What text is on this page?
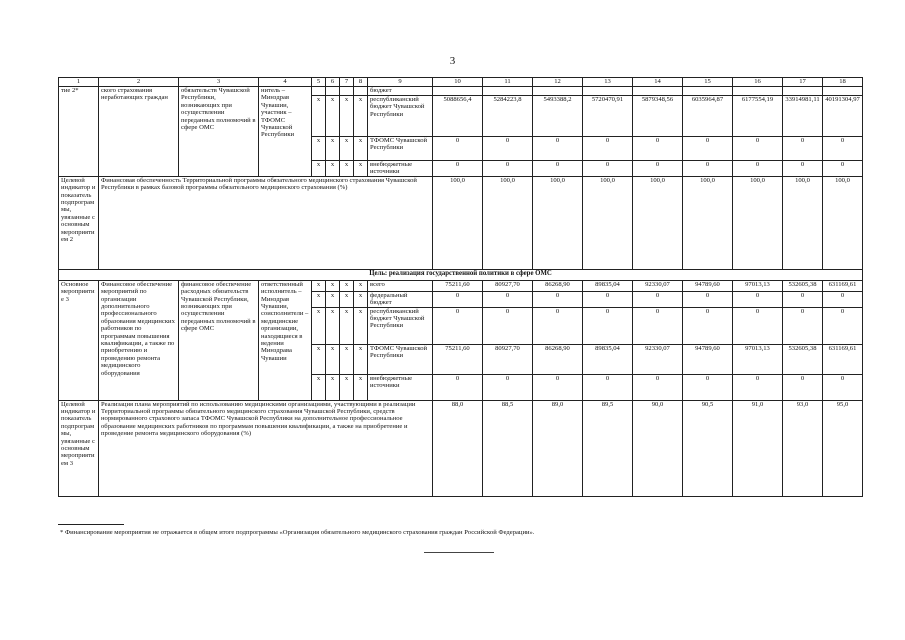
3
1	2	3	4	5	6	7	8	9	10	11	12	13	14	15	16	17	18
тие 2*	ского страхования неработающих граждан	обязательств Чувашской Республики, возникающих при осуществлении переданных полномочий в сфере ОМС	нитель – Минздрав Чувашии, участник – ТФОМС Чувашской Республики					бюджет									
				x	x	x	x	республиканский бюджет Чувашской Республики	5088656,4	5284223,8	5493388,2	5720470,91	5879348,56	6035964,87	6177554,19	33914981,11	40191304,97
				x	x	x	x	ТФОМС Чувашской Республики	0	0	0	0	0	0	0	0	0
				x	x	x	x	внебюджетные источники	0	0	0	0	0	0	0	0	0
Целевой индикатор и показатель подпрограммы, увязанные с основным мероприятием 2	Финансовая обеспеченность Территориальной программы обязательного медицинского страхования Чувашской Республики в рамках базовой программы обязательного медицинского страхования (%)								100,0	100,0	100,0	100,0	100,0	100,0	100,0	100,0	100,0
Цель: реализация государственной политики в сфере ОМС																	
Основное мероприятие 3	Финансовое обеспечение мероприятий по организации дополнительного профессионального образования медицинских работников по программам повышения квалификации, а также по приобретению и проведению ремонта медицинского оборудования	финансовое обеспечение расходных обязательств Чувашской Республики, возникающих при осуществлении переданных полномочий в сфере ОМС	ответственный исполнитель – Минздрав Чувашии, соисполнители – медицинские организации, находящиеся в ведении Минздрава Чувашии	x	x	x	x	всего	75211,60	80927,70	86268,90	89835,04	92330,07	94789,60	97013,13	532605,38	631169,61
				x	x	x	x	федеральный бюджет	0	0	0	0	0	0	0	0	0
				x	x	x	x	республиканский бюджет Чувашской Республики	0	0	0	0	0	0	0	0	0
				x	x	x	x	ТФОМС Чувашской Республики	75211,60	80927,70	86268,90	89835,04	92330,07	94789,60	97013,13	532605,38	631169,61
				x	x	x	x	внебюджетные источники	0	0	0	0	0	0	0	0	0
Целевой индикатор и показатель подпрограммы, увязанные с основным мероприятием 3	Реализация плана мероприятий по использованию медицинскими организациями, участвующими в реализации Территориальной программы обязательного медицинского страхования Чувашской Республики, средств нормированного страхового запаса ТФОМС Чувашской Республики на дополнительное профессиональное образование медицинских работников по программам повышения квалификации, а также на приобретение и проведение ремонта медицинского оборудования (%)								88,0	88,5	89,0	89,5	90,0	90,5	91,0	93,0	95,0
* Финансирование мероприятия не отражается в общем итоге подпрограммы «Организация обязательного медицинского страхования граждан Российской Федерации».
